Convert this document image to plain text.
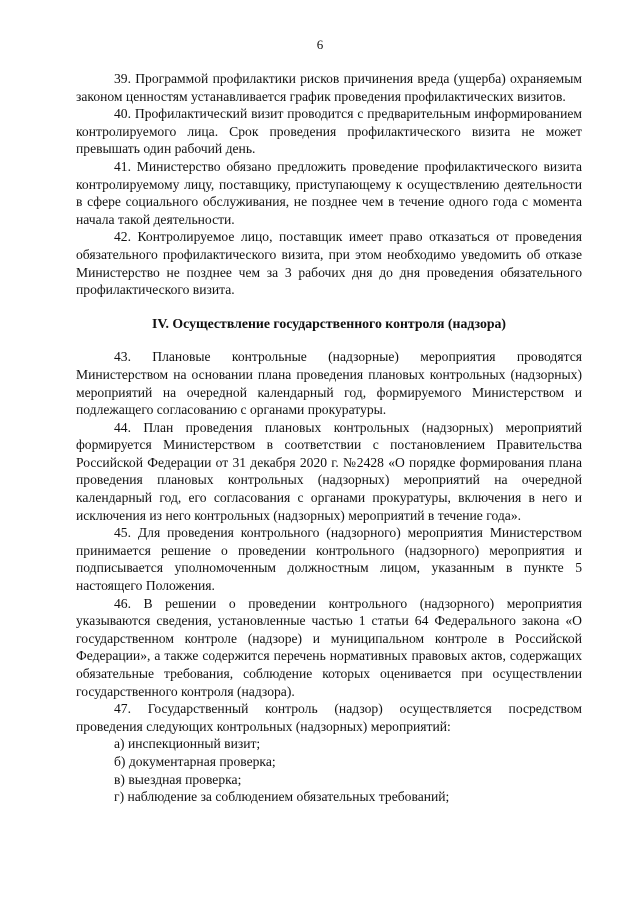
6

39. Программой профилактики рисков причинения вреда (ущерба) охраняемым законом ценностям устанавливается график проведения профилактических визитов.

40. Профилактический визит проводится с предварительным информированием контролируемого лица. Срок проведения профилактического визита не может превышать один рабочий день.

41. Министерство обязано предложить проведение профилактического визита контролируемому лицу, поставщику, приступающему к осуществлению деятельности в сфере социального обслуживания, не позднее чем в течение одного года с момента начала такой деятельности.

42. Контролируемое лицо, поставщик имеет право отказаться от проведения обязательного профилактического визита, при этом необходимо уведомить об отказе Министерство не позднее чем за 3 рабочих дня до дня проведения обязательного профилактического визита.

IV. Осуществление государственного контроля (надзора)

43. Плановые контрольные (надзорные) мероприятия проводятся Министерством на основании плана проведения плановых контрольных (надзорных) мероприятий на очередной календарный год, формируемого Министерством и подлежащего согласованию с органами прокуратуры.

44. План проведения плановых контрольных (надзорных) мероприятий формируется Министерством в соответствии с постановлением Правительства Российской Федерации от 31 декабря 2020 г. №2428 «О порядке формирования плана проведения плановых контрольных (надзорных) мероприятий на очередной календарный год, его согласования с органами прокуратуры, включения в него и исключения из него контрольных (надзорных) мероприятий в течение года».

45. Для проведения контрольного (надзорного) мероприятия Министерством принимается решение о проведении контрольного (надзорного) мероприятия и подписывается уполномоченным должностным лицом, указанным в пункте 5 настоящего Положения.

46. В решении о проведении контрольного (надзорного) мероприятия указываются сведения, установленные частью 1 статьи 64 Федерального закона «О государственном контроле (надзоре) и муниципальном контроле в Российской Федерации», а также содержится перечень нормативных правовых актов, содержащих обязательные требования, соблюдение которых оценивается при осуществлении государственного контроля (надзора).

47. Государственный контроль (надзор) осуществляется посредством проведения следующих контрольных (надзорных) мероприятий:

а) инспекционный визит;

б) документарная проверка;

в) выездная проверка;

г) наблюдение за соблюдением обязательных требований;
